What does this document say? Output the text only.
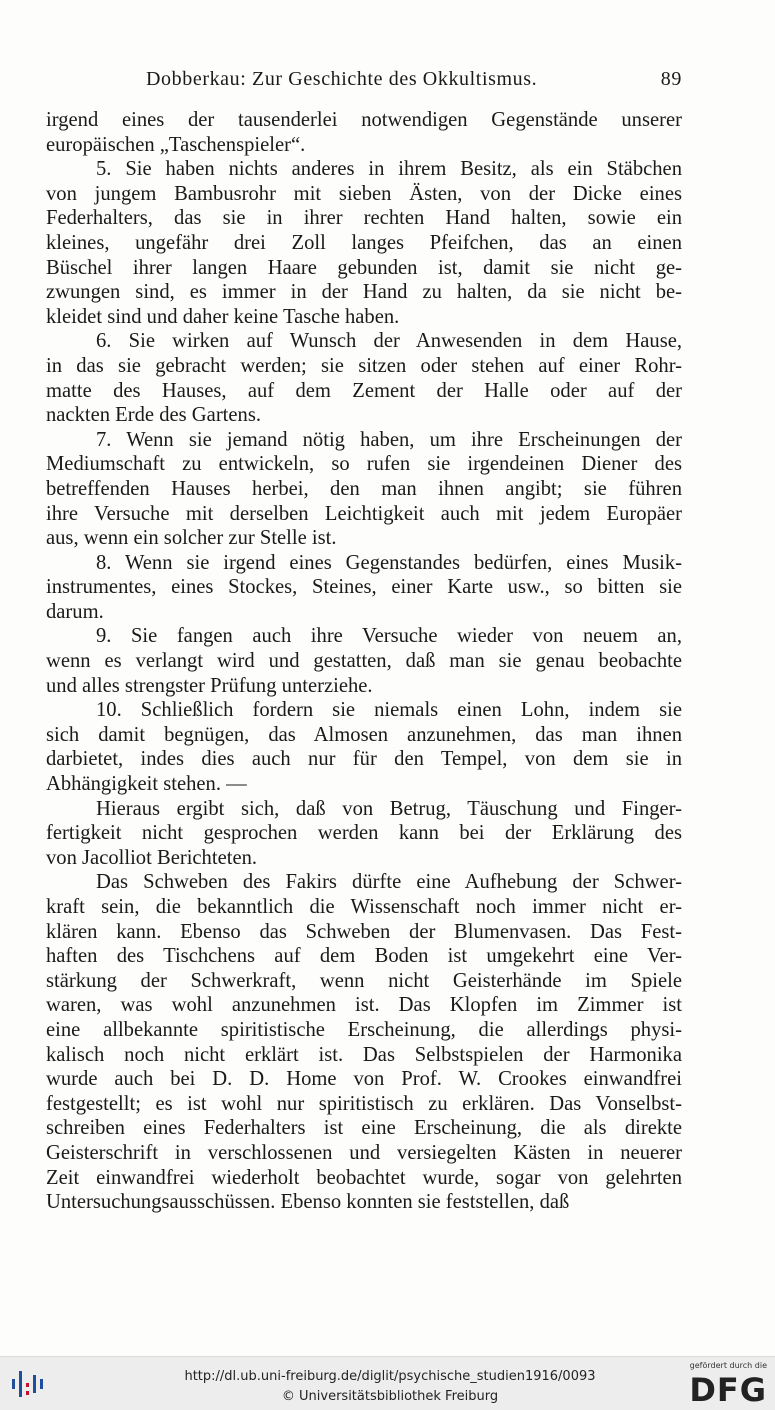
Dobberkau: Zur Geschichte des Okkultismus.	89
irgend eines der tausenderlei notwendigen Gegenstände unserer
europäischen „Taschenspieler“.
5. Sie haben nichts anderes in ihrem Besitz, als ein Stäbchen
von jungem Bambusrohr mit sieben Ästen, von der Dicke eines
Federhalters, das sie in ihrer rechten Hand halten, sowie ein
kleines, ungefähr drei Zoll langes Pfeifchen, das an einen
Büschel ihrer langen Haare gebunden ist, damit sie nicht ge-
zwungen sind, es immer in der Hand zu halten, da sie nicht be-
kleidet sind und daher keine Tasche haben.
6. Sie wirken auf Wunsch der Anwesenden in dem Hause,
in das sie gebracht werden; sie sitzen oder stehen auf einer Rohr-
matte des Hauses, auf dem Zement der Halle oder auf der
nackten Erde des Gartens.
7. Wenn sie jemand nötig haben, um ihre Erscheinungen der
Mediumschaft zu entwickeln, so rufen sie irgendeinen Diener des
betreffenden Hauses herbei, den man ihnen angibt; sie führen
ihre Versuche mit derselben Leichtigkeit auch mit jedem Europäer
aus, wenn ein solcher zur Stelle ist.
8. Wenn sie irgend eines Gegenstandes bedürfen, eines Musik-
instrumentes, eines Stockes, Steines, einer Karte usw., so bitten sie
darum.
9. Sie fangen auch ihre Versuche wieder von neuem an,
wenn es verlangt wird und gestatten, daß man sie genau beobachte
und alles strengster Prüfung unterziehe.
10. Schließlich fordern sie niemals einen Lohn, indem sie
sich damit begnügen, das Almosen anzunehmen, das man ihnen
darbietet, indes dies auch nur für den Tempel, von dem sie in
Abhängigkeit stehen. —
Hieraus ergibt sich, daß von Betrug, Täuschung und Finger-
fertigkeit nicht gesprochen werden kann bei der Erklärung des
von Jacolliot Berichteten.
Das Schweben des Fakirs dürfte eine Aufhebung der Schwer-
kraft sein, die bekanntlich die Wissenschaft noch immer nicht er-
klären kann. Ebenso das Schweben der Blumenvasen. Das Fest-
haften des Tischchens auf dem Boden ist umgekehrt eine Ver-
stärkung der Schwerkraft, wenn nicht Geisterhände im Spiele
waren, was wohl anzunehmen ist. Das Klopfen im Zimmer ist
eine allbekannte spiritistische Erscheinung, die allerdings physi-
kalisch noch nicht erklärt ist. Das Selbstspielen der Harmonika
wurde auch bei D. D. Home von Prof. W. Crookes einwandfrei
festgestellt; es ist wohl nur spiritistisch zu erklären. Das Vonselbst-
schreiben eines Federhalters ist eine Erscheinung, die als direkte
Geisterschrift in verschlossenen und versiegelten Kästen in neuerer
Zeit einwandfrei wiederholt beobachtet wurde, sogar von gelehrten
Untersuchungsausschüssen. Ebenso konnten sie feststellen, daß
http://dl.ub.uni-freiburg.de/diglit/psychische_studien1916/0093
© Universitätsbibliothek Freiburg
gefördert durch die
DFG
